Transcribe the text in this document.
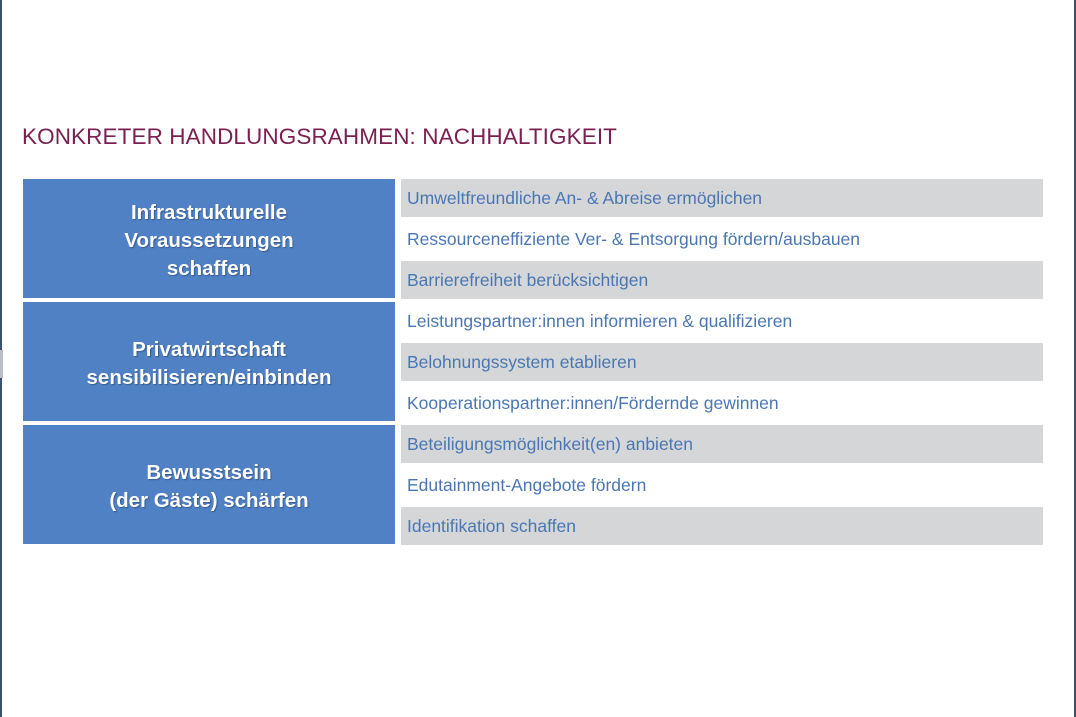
KONKRETER HANDLUNGSRAHMEN: NACHHALTIGKEIT
Infrastrukturelle
Voraussetzungen
schaffen
Umweltfreundliche An- & Abreise ermöglichen
Ressourceneffiziente Ver- & Entsorgung fördern/ausbauen
Barrierefreiheit berücksichtigen
Privatwirtschaft
sensibilisieren/einbinden
Leistungspartner:innen informieren & qualifizieren
Belohnungssystem etablieren
Kooperationspartner:innen/Fördernde gewinnen
Bewusstsein
(der Gäste) schärfen
Beteiligungsmöglichkeit(en) anbieten
Edutainment-Angebote fördern
Identifikation schaffen
